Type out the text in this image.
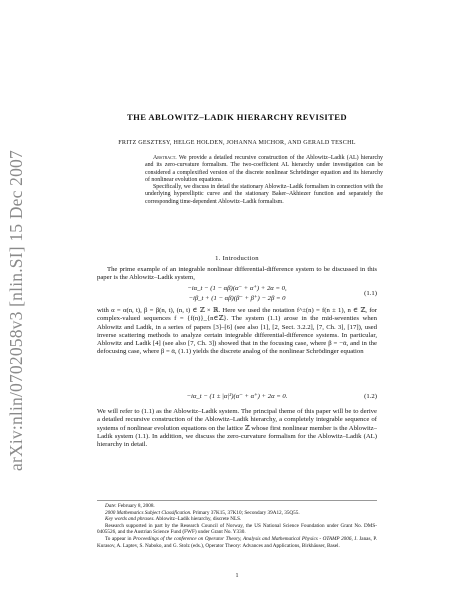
arXiv:nlin/0702058v3 [nlin.SI] 15 Dec 2007
THE ABLOWITZ–LADIK HIERARCHY REVISITED
FRITZ GESZTESY, HELGE HOLDEN, JOHANNA MICHOR, AND GERALD TESCHL

Abstract. We provide a detailed recursive construction of the Ablowitz–Ladik (AL) hierarchy and its zero-curvature formalism. The two-coefficient AL hierarchy under investigation can be considered a complexified version of the discrete nonlinear Schrödinger equation and its hierarchy of nonlinear evolution equations.

Specifically, we discuss in detail the stationary Ablowitz–Ladik formalism in connection with the underlying hyperelliptic curve and the stationary Baker–Akhiezer function and separately the corresponding time-dependent Ablowitz–Ladik formalism.

1. Introduction
The prime example of an integrable nonlinear differential-difference system to be discussed in this paper is the Ablowitz–Ladik system,
−iα_t − (1 − αβ)(α⁻ + α⁺) + 2α = 0,
−iβ_t + (1 − αβ)(β⁻ + β⁺) − 2β = 0
(1.1)
with α = α(n, t), β = β(n, t), (n, t) ∈ ℤ × ℝ. Here we used the notation f^±(n) = f(n ± 1), n ∈ ℤ, for complex-valued sequences f = {f(n)}_{n∈ℤ}. The system (1.1) arose in the mid-seventies when Ablowitz and Ladik, in a series of papers [3]–[6] (see also [1], [2, Sect. 3.2.2], [7, Ch. 3], [17]), used inverse scattering methods to analyze certain integrable differential-difference systems. In particular, Ablowitz and Ladik [4] (see also [7, Ch. 3]) showed that in the focusing case, where β = −ᾱ, and in the defocusing case, where β = ᾱ, (1.1) yields the discrete analog of the nonlinear Schrödinger equation
−iα_t − (1 ± |α|²)(α⁻ + α⁺) + 2α = 0.	(1.2)
We will refer to (1.1) as the Ablowitz–Ladik system. The principal theme of this paper will be to derive a detailed recursive construction of the Ablowitz–Ladik hierarchy, a completely integrable sequence of systems of nonlinear evolution equations on the lattice ℤ whose first nonlinear member is the Ablowitz–Ladik system (1.1). In addition, we discuss the zero-curvature formalism for the Ablowitz–Ladik (AL) hierarchy in detail.

Date: February 8, 2008.

2000 Mathematics Subject Classification. Primary 37K15, 37K10; Secondary 39A12, 35Q55.

Key words and phrases. Ablowitz–Ladik hierarchy, discrete NLS.

Research supported in part by the Research Council of Norway, the US National Science Foundation under Grant No. DMS-0405526, and the Austrian Science Fund (FWF) under Grant No. Y330.

To appear in Proceedings of the conference on Operator Theory, Analysis and Mathematical Physics - OTAMP 2006, J. Janas, P. Kurasov, A. Laptev, S. Naboko, and G. Stolz (eds.), Operator Theory: Advances and Applications, Birkhäuser, Basel.

1
